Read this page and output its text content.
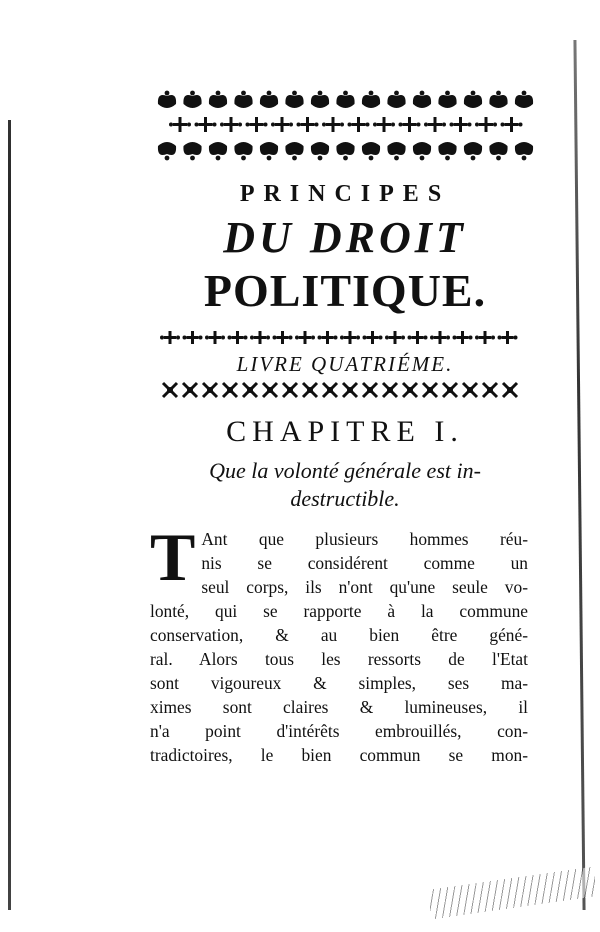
PRINCIPES
DU DROIT
POLITIQUE.
LIVRE QUATRIÉME.
CHAPITRE I.
Que la volonté générale est in-
destructible.
T Ant que plusieurs hommes réu-
nis se considérent comme un
seul corps, ils n'ont qu'une seule vo-
lonté, qui se rapporte à la commune
conservation, & au bien être géné-
ral. Alors tous les ressorts de l'Etat
sont vigoureux & simples, ses ma-
ximes sont claires & lumineuses, il
n'a point d'intérêts embrouillés, con-
tradictoires, le bien commun se mon-
